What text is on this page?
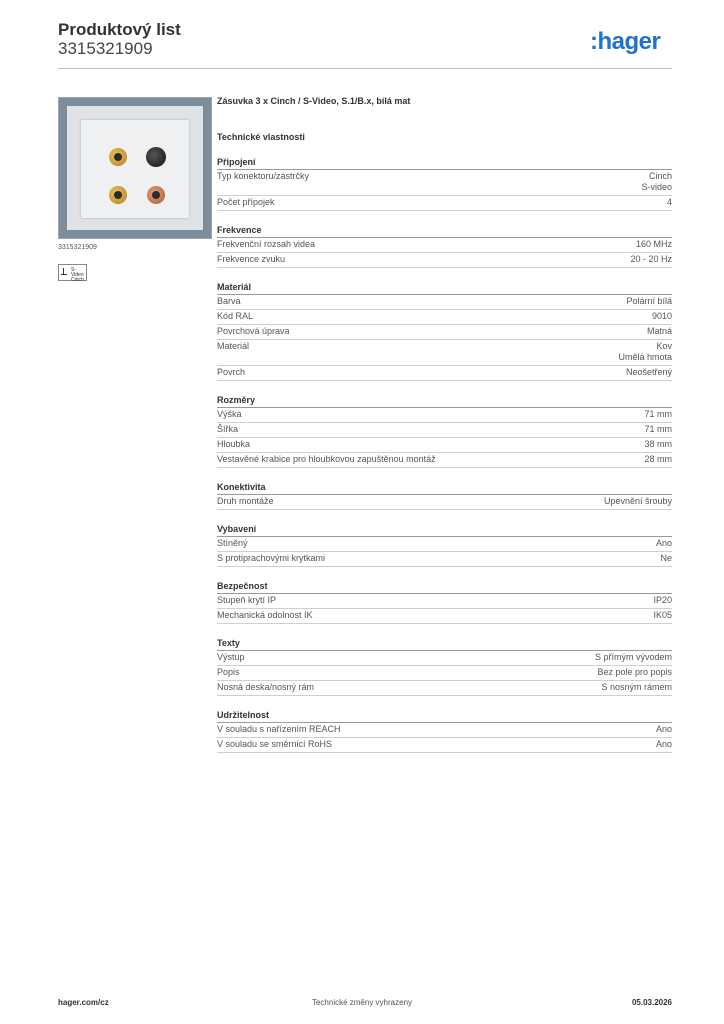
Produktový list
3315321909	:hager
3315321909
S-Video Cinch
Zásuvka 3 x Cinch / S-Video, S.1/B.x, bílá mat
Technické vlastnosti
Připojení
Typ konektoru/zástrčky	Cinch
S-video
Počet přípojek	4
Frekvence
Frekvenční rozsah videa	160 MHz
Frekvence zvuku	20 - 20 Hz
Materiál
Barva	Polární bílá
Kód RAL	9010
Povrchová úprava	Matná
Materiál	Kov
Umělá hmota
Povrch	Neošetřený
Rozměry
Výška	71 mm
Šířka	71 mm
Hloubka	38 mm
Vestavěné krabice pro hloubkovou zapuštěnou montáž	28 mm
Konektivita
Druh montáže	Upevnění šrouby
Vybavení
Stíněný	Ano
S protiprachovými krytkami	Ne
Bezpečnost
Stupeň krytí IP	IP20
Mechanická odolnost IK	IK05
Texty
Výstup	S přímým vývodem
Popis	Bez pole pro popis
Nosná deska/nosný rám	S nosným rámem
Udržitelnost
V souladu s nařízením REACH	Ano
V souladu se směrnicí RoHS	Ano
hager.com/cz	Technické změny vyhrazeny	05.03.2026
